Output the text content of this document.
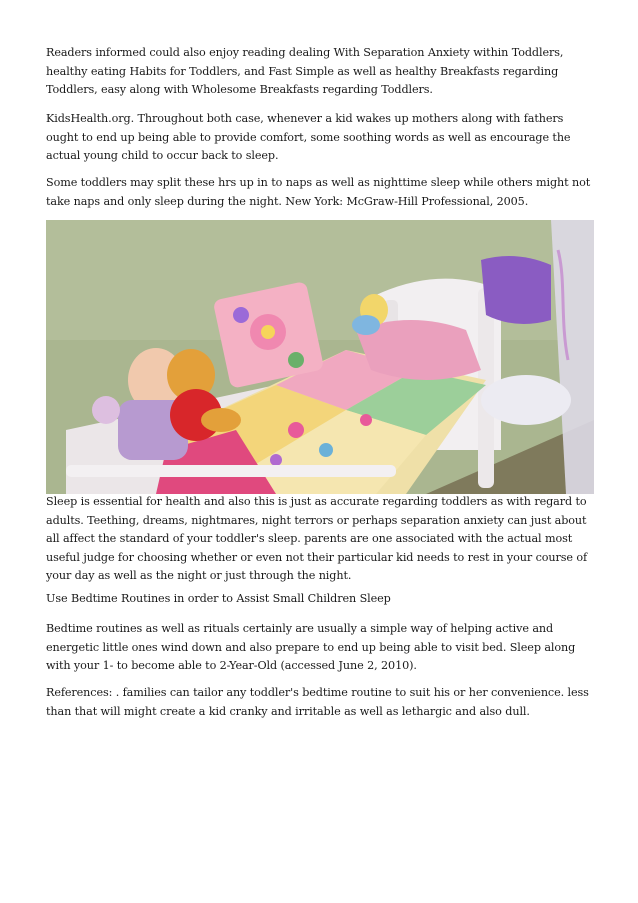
Readers informed could also enjoy reading dealing With Separation Anxiety within Toddlers, healthy eating Habits for Toddlers, and Fast Simple as well as healthy Breakfasts regarding Toddlers, easy along with Wholesome Breakfasts regarding Toddlers.

KidsHealth.org. Throughout both case, whenever a kid wakes up mothers along with fathers ought to end up being able to provide comfort, some soothing words as well as encourage the actual young child to occur back to sleep.

Some toddlers may split these hrs up in to naps as well as nighttime sleep while others might not take naps and only sleep during the night. New York: McGraw-Hill Professional, 2005.

Sleep is essential for health and also this is just as accurate regarding toddlers as with regard to adults. Teething, dreams, nightmares, night terrors or perhaps separation anxiety can just about all affect the standard of your toddler's sleep. parents are one associated with the actual most useful judge for choosing whether or even not their particular kid needs to rest in your course of your day as well as the night or just through the night.

Use Bedtime Routines in order to Assist Small Children Sleep

Bedtime routines as well as rituals certainly are usually a simple way of helping active and energetic little ones wind down and also prepare to end up being able to visit bed. Sleep along with your 1- to become able to 2-Year-Old (accessed June 2, 2010).

References: . families can tailor any toddler's bedtime routine to suit his or her convenience. less than that will might create a kid cranky and irritable as well as lethargic and also dull.
